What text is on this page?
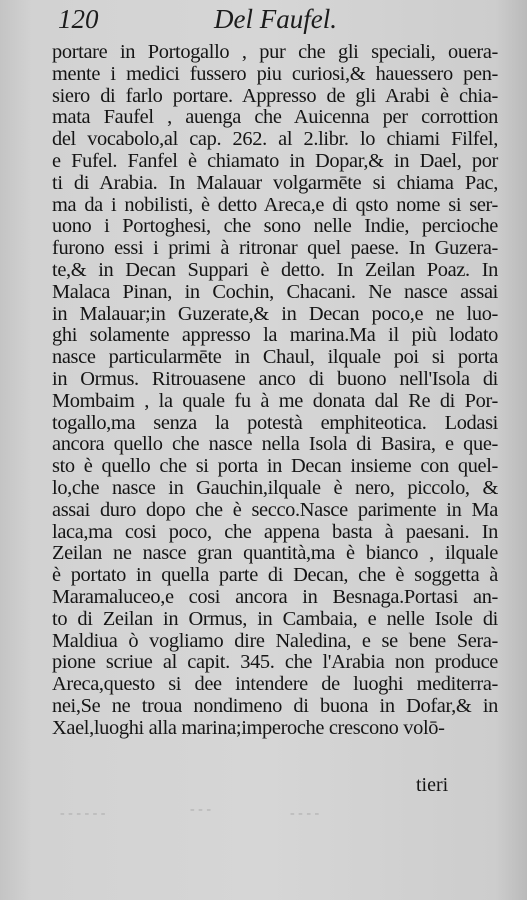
120	Del Faufel.
portare in Portogallo , pur che gli speciali, ouera-
mente i medici fussero piu curiosi,& hauessero pen-
siero di farlo portare. Appresso de gli Arabi è chia-
mata Faufel , auenga che Auicenna per corrottion
del vocabolo,al cap. 262. al 2.libr. lo chiami Filfel,
e Fufel. Fanfel è chiamato in Dopar,& in Dael, por
ti di Arabia. In Malauar volgarmēte si chiama Pac,
ma da i nobilisti, è detto Areca,e di qsto nome si ser-
uono i Portoghesi, che sono nelle Indie, percioche
furono essi i primi à ritronar quel paese. In Guzera-
te,& in Decan Suppari è detto. In Zeilan Poaz. In
Malaca Pinan, in Cochin, Chacani. Ne nasce assai
in Malauar;in Guzerate,& in Decan poco,e ne luo-
ghi solamente appresso la marina.Ma il più lodato
nasce particularmēte in Chaul, ilquale poi si porta
in Ormus. Ritrouasene anco di buono nell'Isola di
Mombaim , la quale fu à me donata dal Re di Por-
togallo,ma senza la potestà emphiteotica. Lodasi
ancora quello che nasce nella Isola di Basira, e que-
sto è quello che si porta in Decan insieme con quel-
lo,che nasce in Gauchin,ilquale è nero, piccolo, &
assai duro dopo che è secco.Nasce parimente in Ma
laca,ma cosi poco, che appena basta à paesani. In
Zeilan ne nasce gran quantità,ma è bianco , ilquale
è portato in quella parte di Decan, che è soggetta à
Maramaluceo,e cosi ancora in Besnaga.Portasi an-
to di Zeilan in Ormus, in Cambaia, e nelle Isole di
Maldiua ò vogliamo dire Naledina, e se bene Sera-
pione scriue al capit. 345. che l'Arabia non produce
Areca,questo si dee intendere de luoghi mediterra-
nei,Se ne troua nondimeno di buona in Dofar,& in
Xael,luoghi alla marina;imperoche crescono volō-
tieri
‑ ‑ ‑ ‑ ‑ ‑	‑ ‑ ‑	‑ ‑ ‑ ‑
